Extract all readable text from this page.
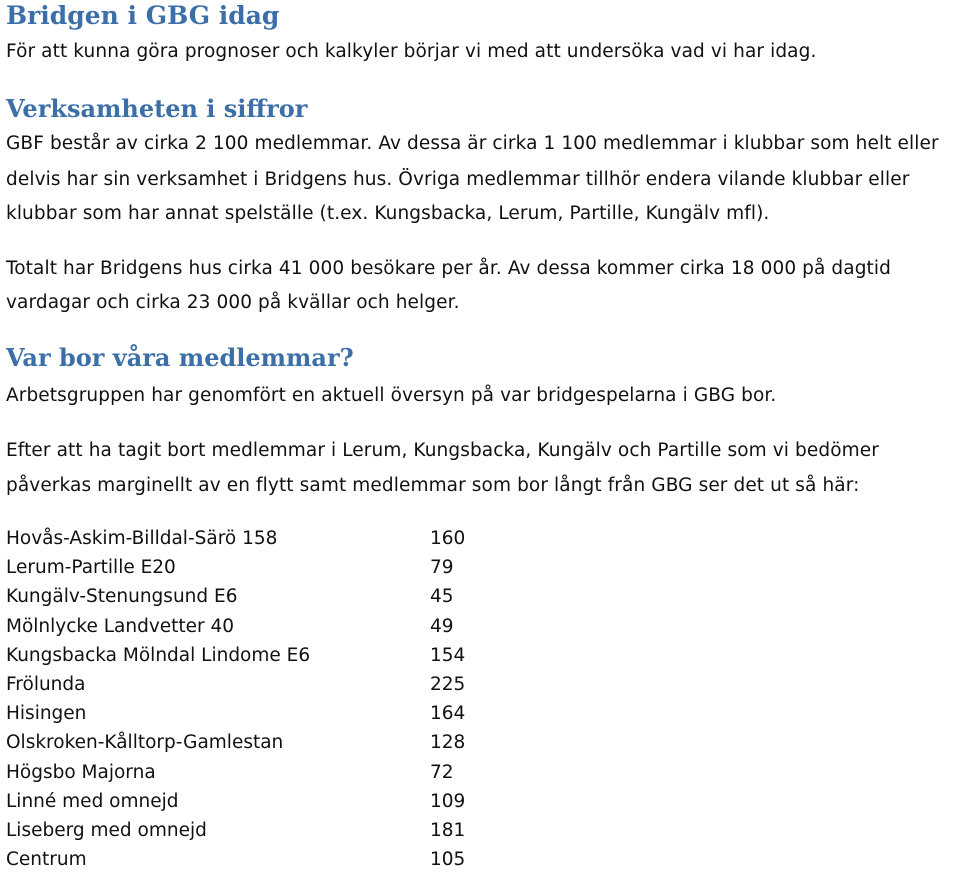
Bridgen i GBG idag

För att kunna göra prognoser och kalkyler börjar vi med att undersöka vad vi har idag.

Verksamheten i siffror

GBF består av cirka 2 100 medlemmar. Av dessa är cirka 1 100 medlemmar i klubbar som helt eller

delvis har sin verksamhet i Bridgens hus. Övriga medlemmar tillhör endera vilande klubbar eller

klubbar som har annat spelställe (t.ex. Kungsbacka, Lerum, Partille, Kungälv mfl).

Totalt har Bridgens hus cirka 41 000 besökare per år. Av dessa kommer cirka 18 000 på dagtid

vardagar och cirka 23 000 på kvällar och helger.

Var bor våra medlemmar?

Arbetsgruppen har genomfört en aktuell översyn på var bridgespelarna i GBG bor.

Efter att ha tagit bort medlemmar i Lerum, Kungsbacka, Kungälv och Partille som vi bedömer

påverkas marginellt av en flytt samt medlemmar som bor långt från GBG ser det ut så här:

Hovås-Askim-Billdal-Särö 158	160
Lerum-Partille E20	79
Kungälv-Stenungsund E6	45
Mölnlycke Landvetter 40	49
Kungsbacka Mölndal Lindome E6	154
Frölunda	225
Hisingen	164
Olskroken-Kålltorp-Gamlestan	128
Högsbo Majorna	72
Linné med omnejd	109
Liseberg med omnejd	181
Centrum	105
